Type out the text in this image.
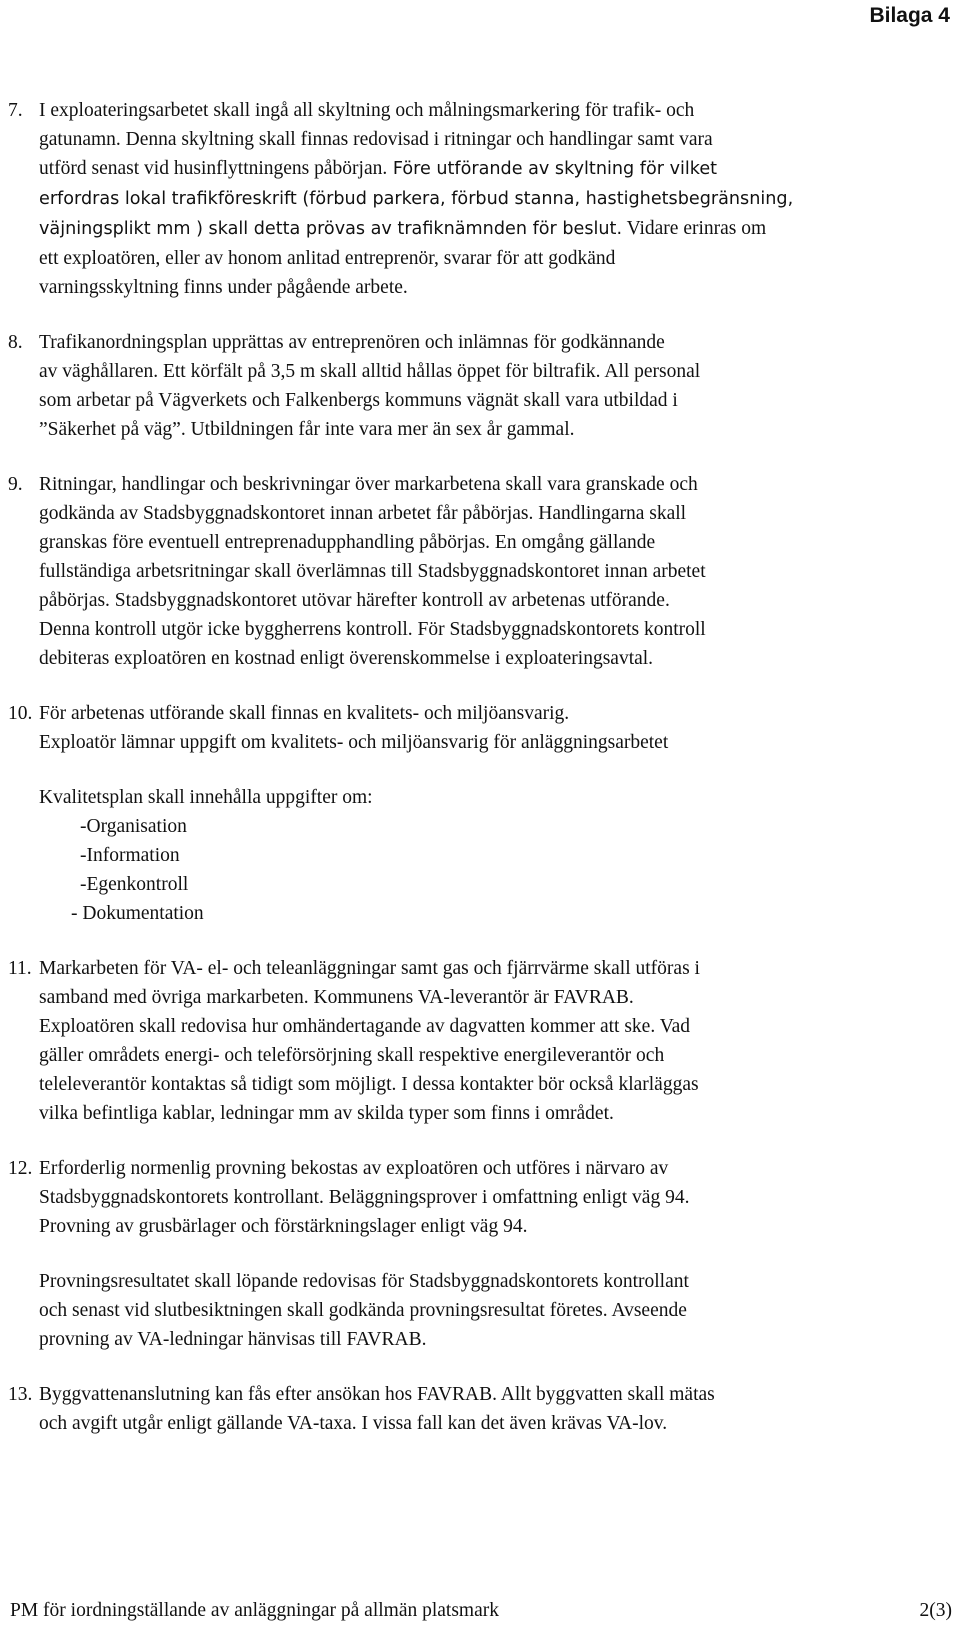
Bilaga 4
7. I exploateringsarbetet skall ingå all skyltning och målningsmarkering för trafik- och
gatunamn. Denna skyltning skall finnas redovisad i ritningar och handlingar samt vara
utförd senast vid husinflyttningens påbörjan. Före utförande av skyltning för vilket
erfordras lokal trafikföreskrift (förbud parkera, förbud stanna, hastighetsbegränsning,
väjningsplikt mm ) skall detta prövas av trafiknämnden för beslut. Vidare erinras om
ett exploatören, eller av honom anlitad entreprenör, svarar för att godkänd
varningsskyltning finns under pågående arbete.
8. Trafikanordningsplan upprättas av entreprenören och inlämnas för godkännande
av väghållaren. Ett körfält på 3,5 m skall alltid hållas öppet för biltrafik. All personal
som arbetar på Vägverkets och Falkenbergs kommuns vägnät skall vara utbildad i
”Säkerhet på väg”. Utbildningen får inte vara mer än sex år gammal.
9. Ritningar, handlingar och beskrivningar över markarbetena skall vara granskade och
godkända av Stadsbyggnadskontoret innan arbetet får påbörjas. Handlingarna skall
granskas före eventuell entreprenadupphandling påbörjas. En omgång gällande
fullständiga arbetsritningar skall överlämnas till Stadsbyggnadskontoret innan arbetet
påbörjas. Stadsbyggnadskontoret utövar härefter kontroll av arbetenas utförande.
Denna kontroll utgör icke byggherrens kontroll. För Stadsbyggnadskontorets kontroll
debiteras exploatören en kostnad enligt överenskommelse i exploateringsavtal.
10. För arbetenas utförande skall finnas en kvalitets- och miljöansvarig.
Exploatör lämnar uppgift om kvalitets- och miljöansvarig för anläggningsarbetet
Kvalitetsplan skall innehålla uppgifter om:
-Organisation
-Information
-Egenkontroll
- Dokumentation
11. Markarbeten för VA- el- och teleanläggningar samt gas och fjärrvärme skall utföras i
samband med övriga markarbeten. Kommunens VA-leverantör är FAVRAB.
Exploatören skall redovisa hur omhändertagande av dagvatten kommer att ske. Vad
gäller områdets energi- och teleförsörjning skall respektive energileverantör och
teleleverantör kontaktas så tidigt som möjligt. I dessa kontakter bör också klarläggas
vilka befintliga kablar, ledningar mm av skilda typer som finns i området.
12. Erforderlig normenlig provning bekostas av exploatören och utföres i närvaro av
Stadsbyggnadskontorets kontrollant. Beläggningsprover i omfattning enligt väg 94.
Provning av grusbärlager och förstärkningslager enligt väg 94.
Provningsresultatet skall löpande redovisas för Stadsbyggnadskontorets kontrollant
och senast vid slutbesiktningen skall godkända provningsresultat företes. Avseende
provning av VA-ledningar hänvisas till FAVRAB.
13. Byggvattenanslutning kan fås efter ansökan hos FAVRAB. Allt byggvatten skall mätas
och avgift utgår enligt gällande VA-taxa. I vissa fall kan det även krävas VA-lov.
PM för iordningställande av anläggningar på allmän platsmark	2(3)
